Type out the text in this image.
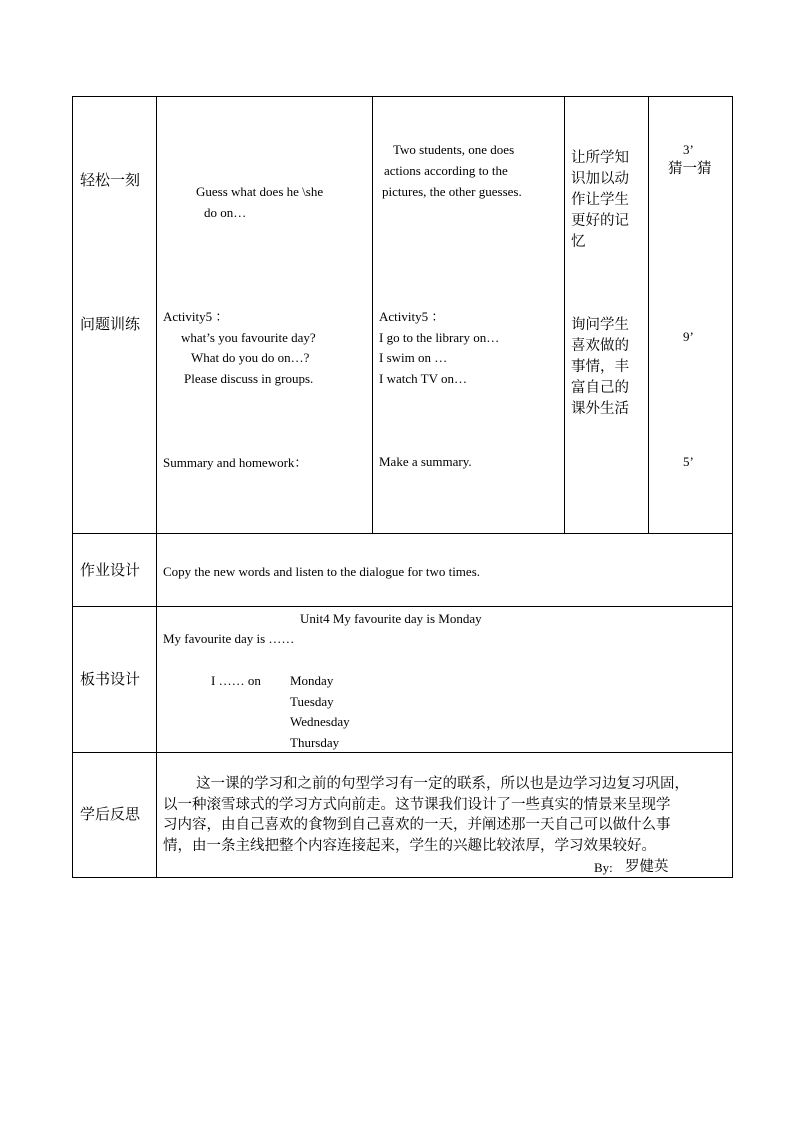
轻松一刻
Guess what does he \she
do on…
Two students, one does
actions according to the
pictures, the other guesses.
让所学知
识加以动
作让学生
更好的记
忆
3’
猜一猜
问题训练 Activity5 ：
what’s you favourite day?
What do you do on…?
Please discuss in groups.
Activity5 ：
I go to the library on…
I swim on …
I watch TV on…
询问学生
喜欢做的
事情，丰
富自己的
课外生活
9’
Summary and homework：	Make a summary.	5’
作业设计 Copy the new words and listen to the dialogue for two times.
板书设计
Unit4 My favourite day is Monday
My favourite day is ……
I …… on Monday
Tuesday
Wednesday
Thursday
学后反思
这一课的学习和之前的句型学习有一定的联系，所以也是边学习边复习巩固，
以一种滚雪球式的学习方式向前走。这节课我们设计了一些真实的情景来呈现学
习内容，由自己喜欢的食物到自己喜欢的一天，并阐述那一天自己可以做什么事
情，由一条主线把整个内容连接起来，学生的兴趣比较浓厚，学习效果较好。
By: 罗健英
